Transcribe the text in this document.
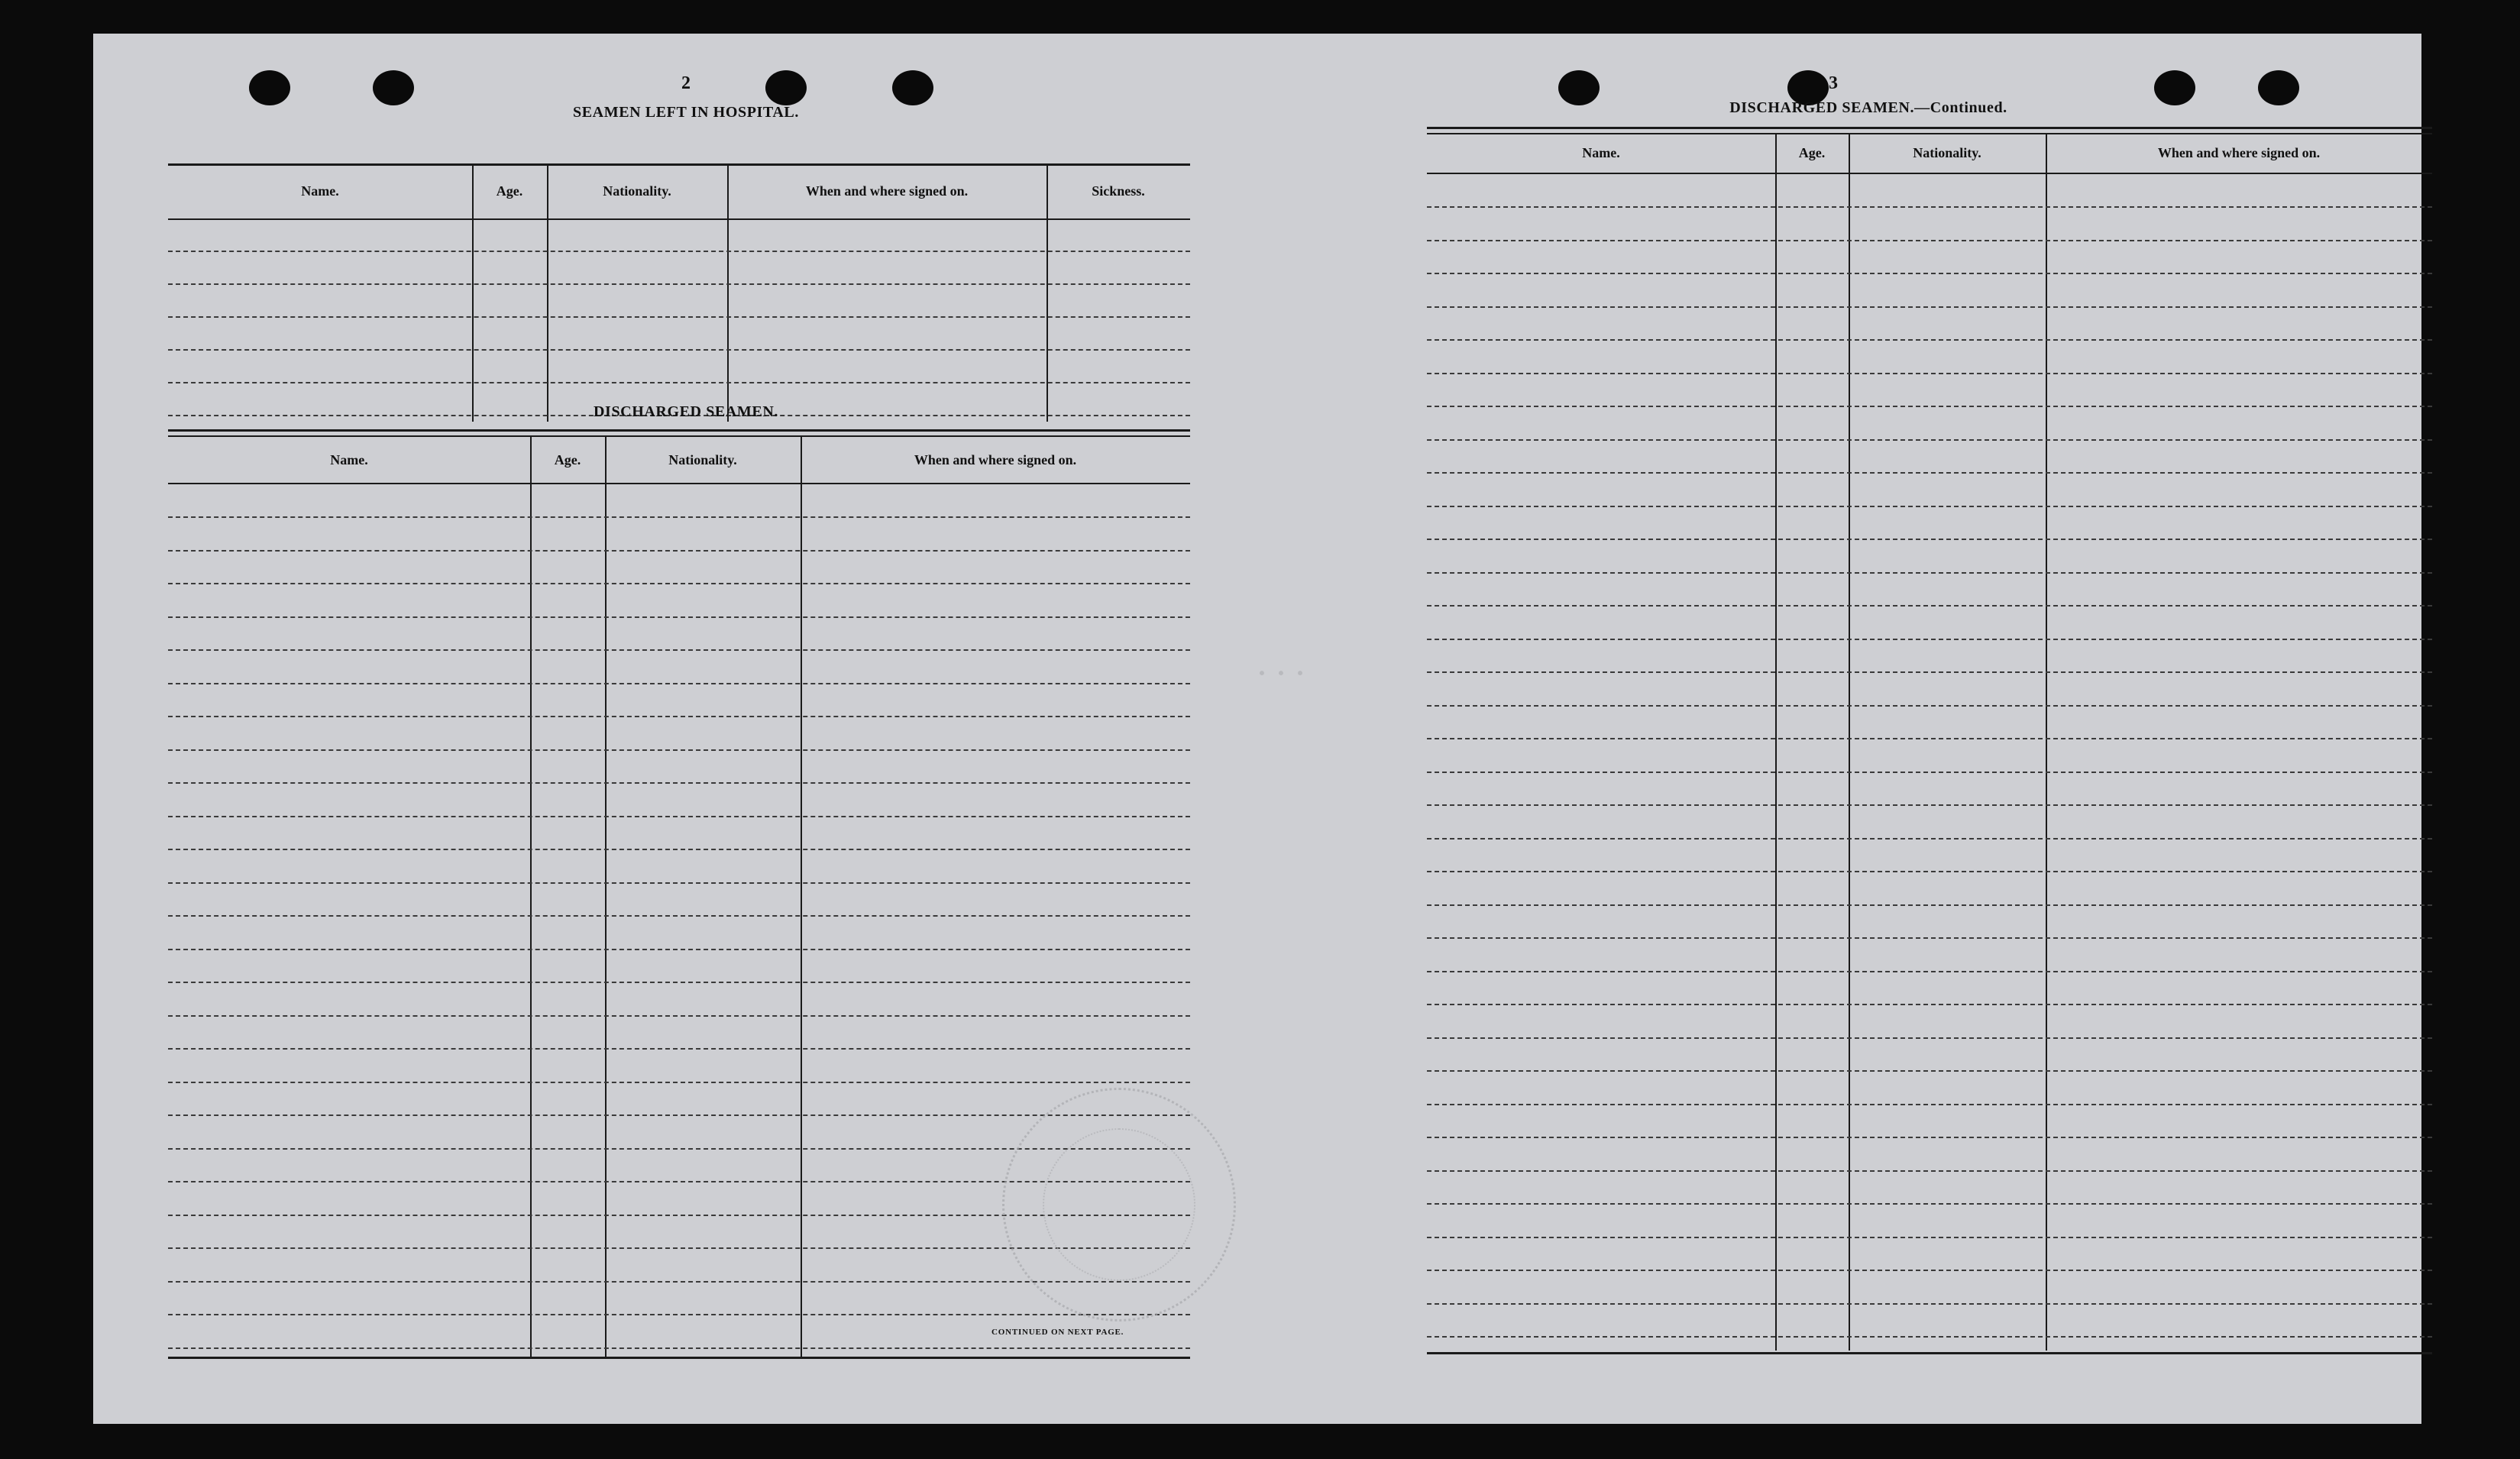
2
SEAMEN LEFT IN HOSPITAL.
Name.	Age.	Nationality.	When and where signed on.	Sickness.
DISCHARGED SEAMEN.
Name.	Age.	Nationality.	When and where signed on.
CONTINUED ON NEXT PAGE.
· · ·
3
DISCHARGED SEAMEN.—Continued.
Name.	Age.	Nationality.	When and where signed on.
